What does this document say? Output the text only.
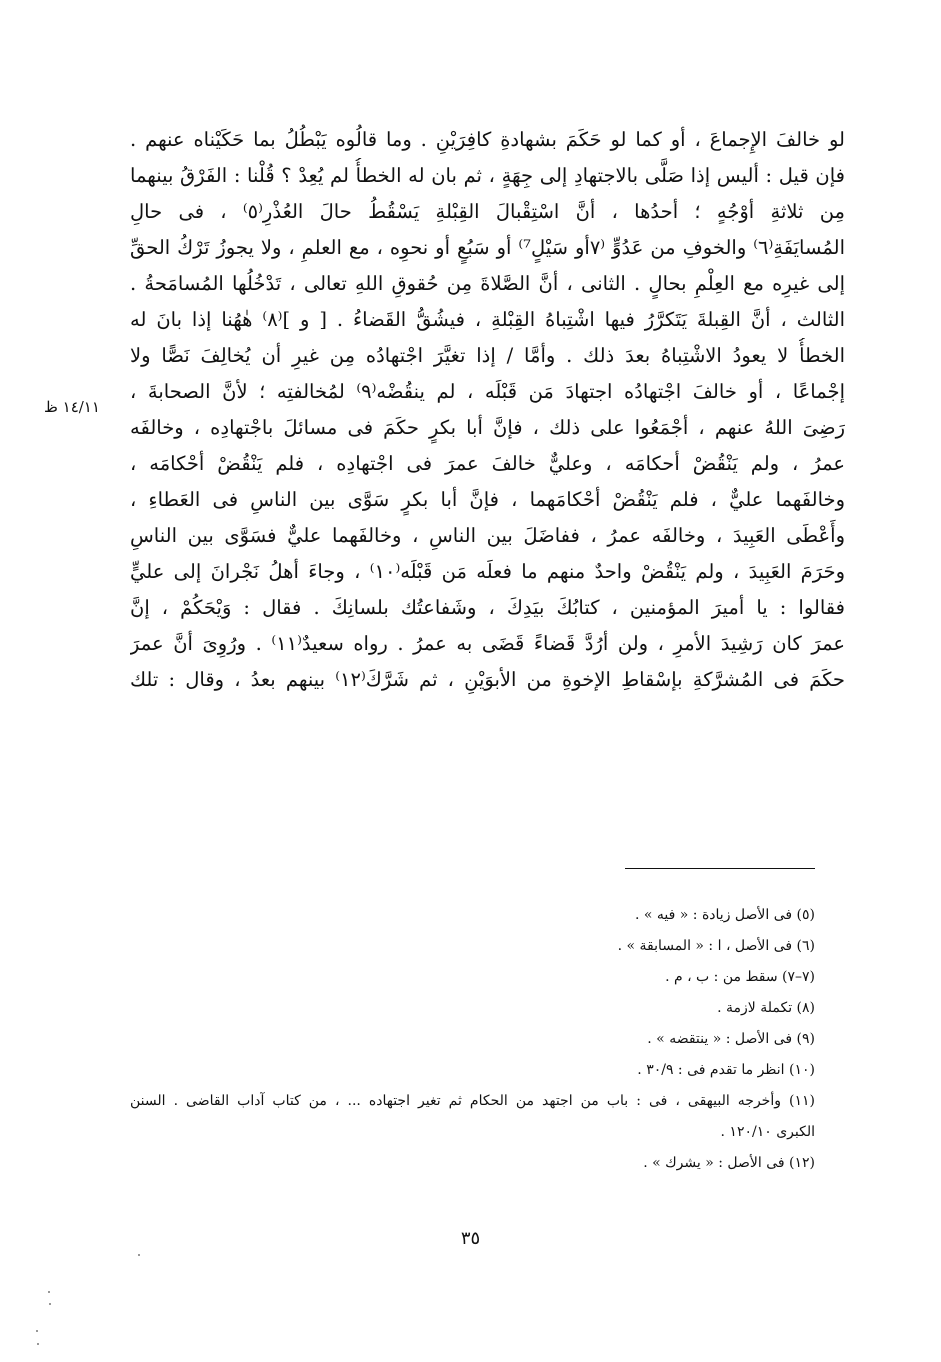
لو خالفَ الإِجماعَ ، أو كما لو حَكَمَ بشهادةِ كافِرَيْنِ . وما قالُوه يَبْطُلُ بما حَكَيْناه عنهم .
فإن قيل : أليس إذا صَلَّى بالاجتهادِ إلى جِهَةٍ ، ثم بان له الخطأُ لم يُعِدْ ؟ قُلْنا : الفَرْقُ بينهما
مِن ثلاثةِ أوْجُهٍ ؛ أحدُها ، أنَّ اسْتِقْبالَ القِبْلةِ يَسْقُطُ حالَ العُذْرِ⁽٥⁾ ، فى حالِ
المُسايَفَةِ⁽٦⁾ والخوفِ من عَدُوٍّ ⁽٧أو سَيْلٍ⁷⁾ أو سَبُعٍ أو نحوِه ، مع العلمِ ، ولا يجوزُ تَرْكُ الحقِّ
إلى غيرِه مع العِلْمِ بحالٍ . الثانى ، أنَّ الصَّلاةَ مِن حُقوقِ اللهِ تعالى ، تَدْخُلُها المُسامَحةُ .
الثالث ، أنَّ القِبلةَ يَتَكرَّرُ فيها اشْتِباهُ القِبْلةِ ، فيشُقُّ القَضاءُ . [ و ]⁽٨⁾ هٰهُنا إذا بانَ له
الخطأُ لا يعودُ الاشْتِباهُ بعدَ ذلك . وأمَّا / إذا تغيَّرَ اجْتهادُه مِن غيرِ أن يُخالِفَ نَصًّا ولا
إجْماعًا ، أو خالفَ اجْتهادُه اجتهادَ مَن قَبْلَه ، لم ينقُضْه⁽٩⁾ لمُخالفتِه ؛ لأنَّ الصحابةَ ،
رَضِىَ اللهُ عنهم ، أجْمَعُوا على ذلك ، فإنَّ أبا بكرٍ حكَمَ فى مسائلَ باجْتهادِه ، وخالفَه
عمرُ ، ولم يَنْقُضْ أحكامَه ، وعليٌّ خالفَ عمرَ فى اجْتهادِه ، فلم يَنْقُضْ أحْكامَه ،
وخالفَهما عليٌّ ، فلم يَنْقُضْ أحْكامَهما ، فإنَّ أبا بكرٍ سَوَّى بين الناسِ فى العَطاءِ ،
وأَعْطَى العَبِيدَ ، وخالفَه عمرُ ، ففاضَلَ بين الناسِ ، وخالفَهما عليٌّ فسَوَّى بين الناسِ
وحَرَمَ العَبِيدَ ، ولم يَنْقُضْ واحدٌ منهم ما فعلَه مَن قَبْلَه⁽١٠⁾ ، وجاءَ أهلُ نَجْرانَ إلى عليٍّ
فقالوا : يا أميرَ المؤمنين ، كتابُكَ بيَدِكَ ، وشَفاعتُك بلسانِكَ . فقال : وَيْحَكُمْ ، إنَّ
عمرَ كان رَشِيدَ الأمرِ ، ولن أرُدَّ قَضاءً قَضَى به عمرُ . رواه سعيدٌ⁽١١⁾ . ورُوِىَ أنَّ عمرَ
حكَمَ فى المُشرَّكةِ بإسْقاطِ الإخوةِ من الأبوَيْنِ ، ثم شَرَّكَ⁽١٢⁾ بينهم بعدُ ، وقال : تلك
١٤/١١ ظ
(٥) فى الأصل زيادة : « فيه » .
(٦) فى الأصل ، ا : « المسابقة » .
(٧–٧) سقط من : ب ، م .
(٨) تكملة لازمة .
(٩) فى الأصل : « ينتقضه » .
(١٠) انظر ما تقدم فى : ٣٠/٩ .
(١١) وأخرجه البيهقى ، فى : باب من اجتهد من الحكام ثم تغير اجتهاده ... ، من كتاب آداب القاضى . السنن
الكبرى ١٢٠/١٠ .
(١٢) فى الأصل : « يشرك » .
٣٥
